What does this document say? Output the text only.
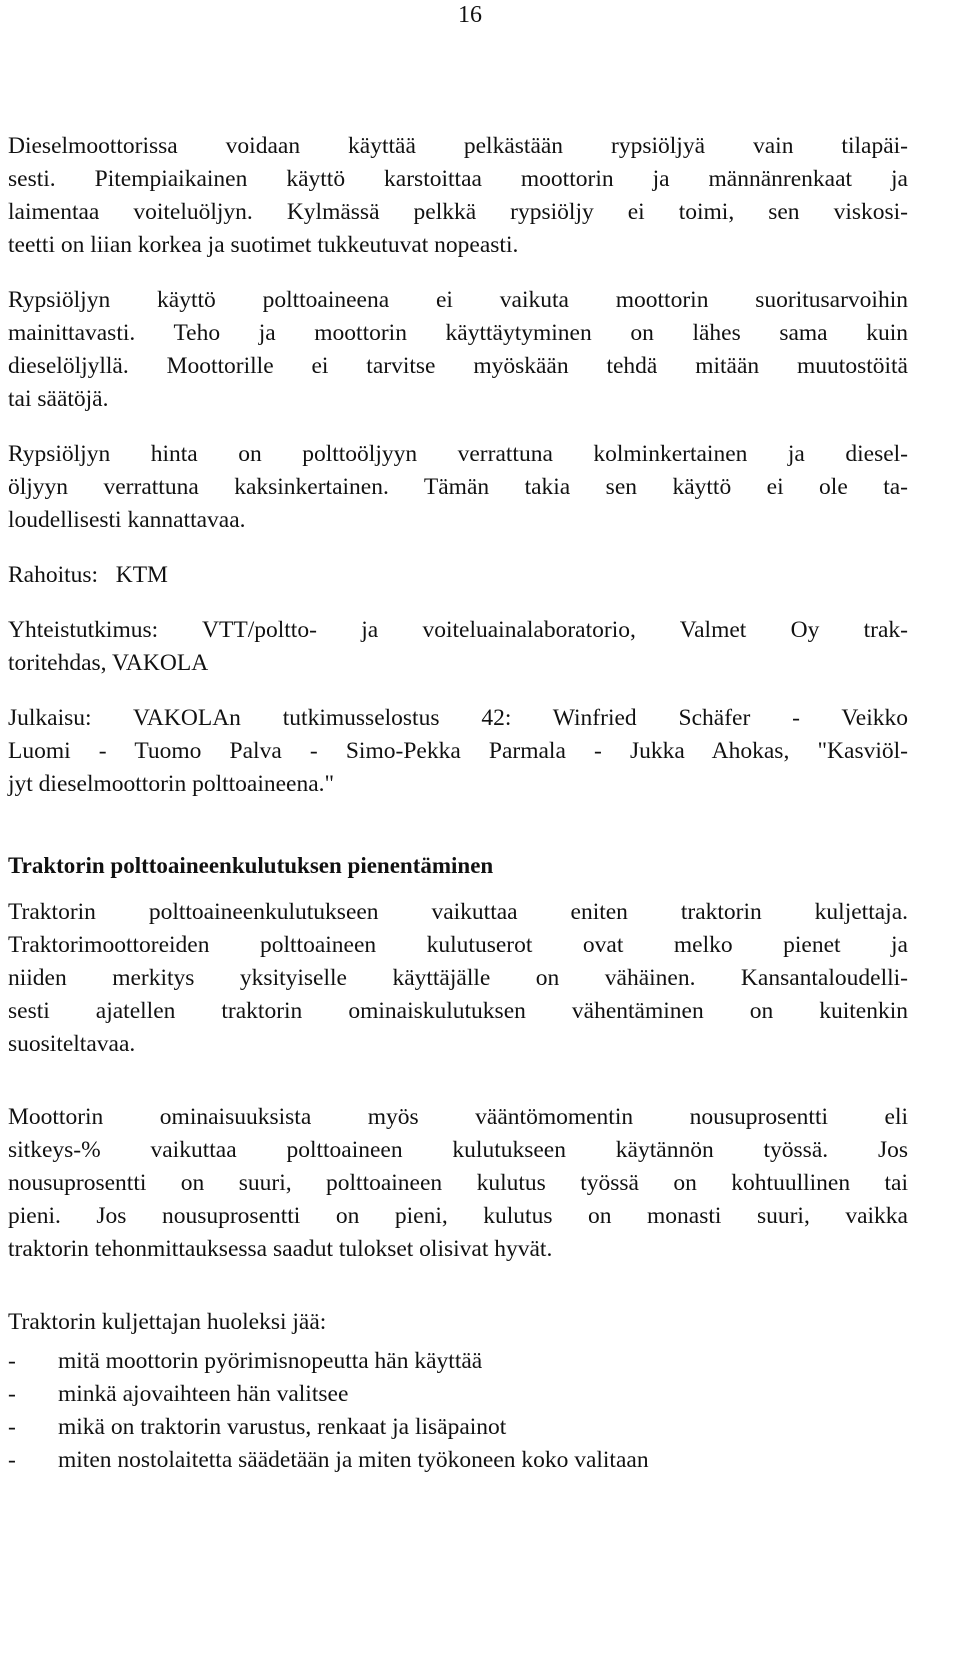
16
Dieselmoottorissa voidaan käyttää pelkästään rypsiöljyä vain tilapäi-
sesti. Pitempiaikainen käyttö karstoittaa moottorin ja männänrenkaat ja
laimentaa voiteluöljyn. Kylmässä pelkkä rypsiöljy ei toimi, sen viskosi-
teetti on liian korkea ja suotimet tukkeutuvat nopeasti.
Rypsiöljyn käyttö polttoaineena ei vaikuta moottorin suoritusarvoihin
mainittavasti. Teho ja moottorin käyttäytyminen on lähes sama kuin
dieselöljyllä. Moottorille ei tarvitse myöskään tehdä mitään muutostöitä
tai säätöjä.
Rypsiöljyn hinta on polttoöljyyn verrattuna kolminkertainen ja diesel-
öljyyn verrattuna kaksinkertainen. Tämän takia sen käyttö ei ole ta-
loudellisesti kannattavaa.
Rahoitus: KTM
Yhteistutkimus: VTT/poltto- ja voiteluainalaboratorio, Valmet Oy trak-
toritehdas, VAKOLA
Julkaisu: VAKOLAn tutkimusselostus 42: Winfried Schäfer - Veikko
Luomi - Tuomo Palva - Simo-Pekka Parmala - Jukka Ahokas, "Kasviöl-
jyt dieselmoottorin polttoaineena."
Traktorin polttoaineenkulutuksen pienentäminen
Traktorin polttoaineenkulutukseen vaikuttaa eniten traktorin kuljettaja.
Traktorimoottoreiden polttoaineen kulutuserot ovat melko pienet ja
niiden merkitys yksityiselle käyttäjälle on vähäinen. Kansantaloudelli-
sesti ajatellen traktorin ominaiskulutuksen vähentäminen on kuitenkin
suositeltavaa.
Moottorin ominaisuuksista myös vääntömomentin nousuprosentti eli
sitkeys-% vaikuttaa polttoaineen kulutukseen käytännön työssä. Jos
nousuprosentti on suuri, polttoaineen kulutus työssä on kohtuullinen tai
pieni. Jos nousuprosentti on pieni, kulutus on monasti suuri, vaikka
traktorin tehonmittauksessa saadut tulokset olisivat hyvät.
Traktorin kuljettajan huoleksi jää:
-	mitä moottorin pyörimisnopeutta hän käyttää
-	minkä ajovaihteen hän valitsee
-	mikä on traktorin varustus, renkaat ja lisäpainot
-	miten nostolaitetta säädetään ja miten työkoneen koko valitaan
